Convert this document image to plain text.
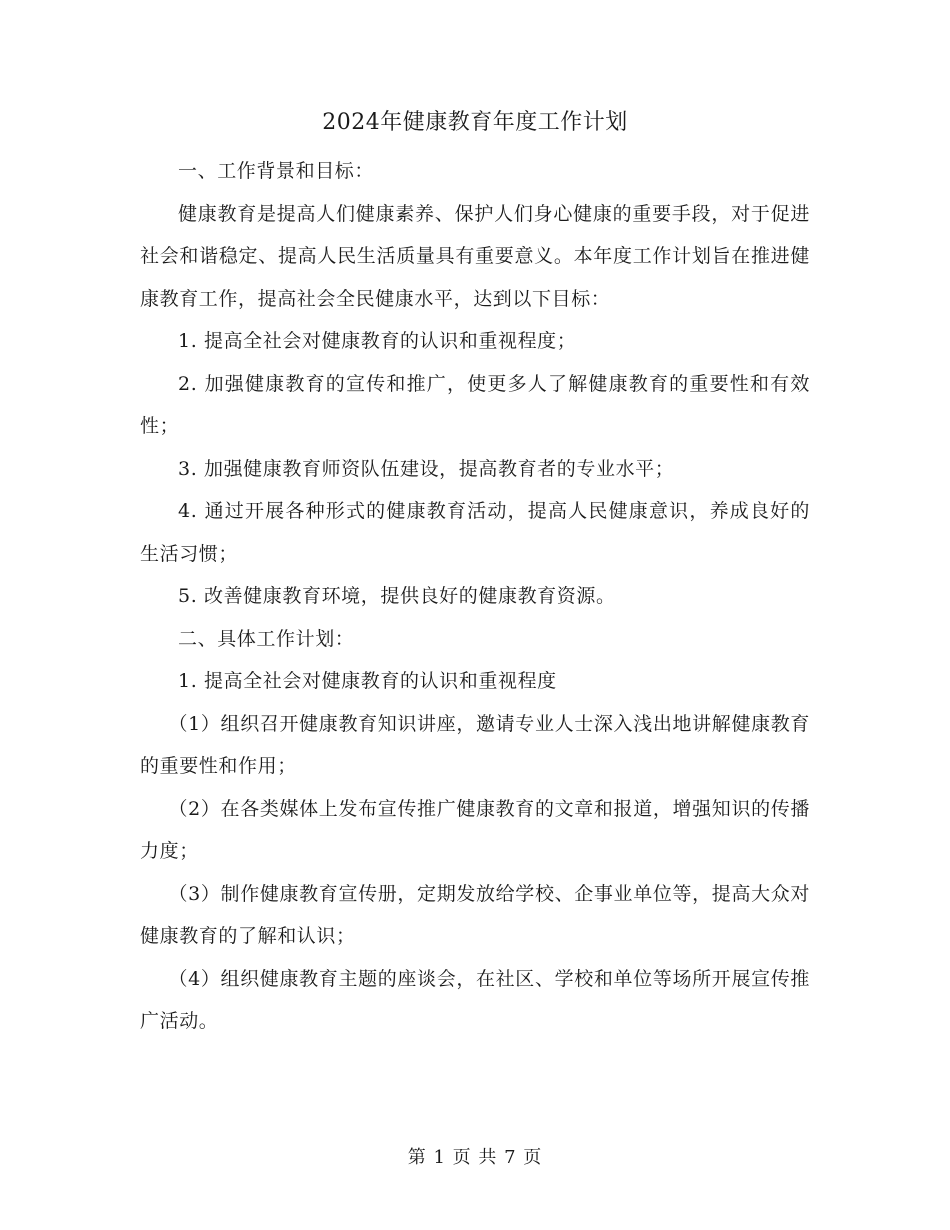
2024年健康教育年度工作计划

一、工作背景和目标：

健康教育是提高人们健康素养、保护人们身心健康的重要手段，对于促进社会和谐稳定、提高人民生活质量具有重要意义。本年度工作计划旨在推进健康教育工作，提高社会全民健康水平，达到以下目标：

1. 提高全社会对健康教育的认识和重视程度；

2. 加强健康教育的宣传和推广，使更多人了解健康教育的重要性和有效性；

3. 加强健康教育师资队伍建设，提高教育者的专业水平；

4. 通过开展各种形式的健康教育活动，提高人民健康意识，养成良好的生活习惯；

5. 改善健康教育环境，提供良好的健康教育资源。

二、具体工作计划：

1. 提高全社会对健康教育的认识和重视程度

（1）组织召开健康教育知识讲座，邀请专业人士深入浅出地讲解健康教育的重要性和作用；

（2）在各类媒体上发布宣传推广健康教育的文章和报道，增强知识的传播力度；

（3）制作健康教育宣传册，定期发放给学校、企事业单位等，提高大众对健康教育的了解和认识；

（4）组织健康教育主题的座谈会，在社区、学校和单位等场所开展宣传推广活动。

第 1 页 共 7 页
